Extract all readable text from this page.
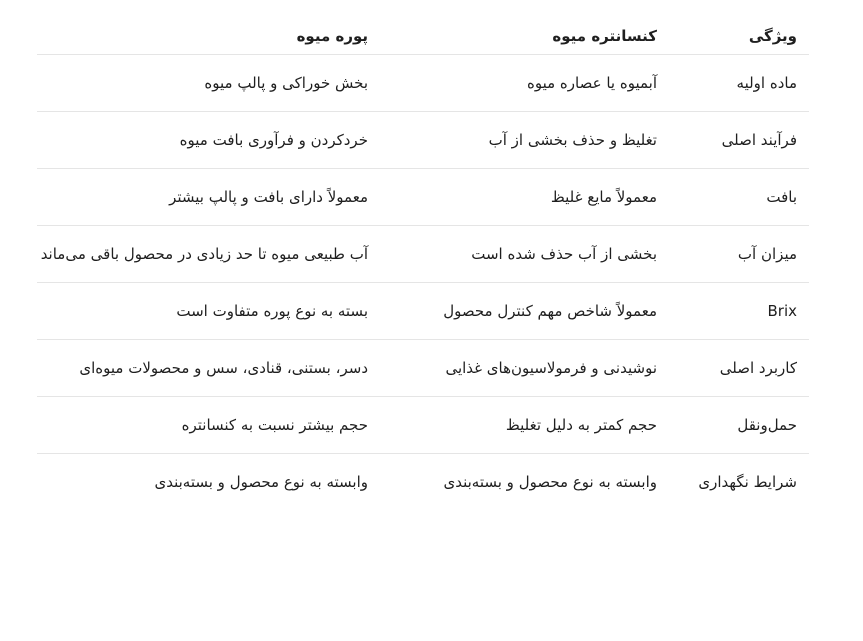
ویژگی	کنسانتره میوه	پوره میوه

ماده اولیه	آبمیوه یا عصاره میوه	بخش خوراکی و پالپ میوه

فرآیند اصلی	تغلیظ و حذف بخشی از آب	خردکردن و فرآوری بافت میوه

بافت	معمولاً مایع غلیظ	معمولاً دارای بافت و پالپ بیشتر

میزان آب	بخشی از آب حذف شده است	آب طبیعی میوه تا حد زیادی در محصول باقی می‌ماند

Brix	معمولاً شاخص مهم کنترل محصول	بسته به نوع پوره متفاوت است

کاربرد اصلی	نوشیدنی و فرمولاسیون‌های غذایی	دسر، بستنی، قنادی، سس و محصولات میوه‌ای

حمل‌ونقل	حجم کمتر به دلیل تغلیظ	حجم بیشتر نسبت به کنسانتره

شرایط نگهداری	وابسته به نوع محصول و بسته‌بندی	وابسته به نوع محصول و بسته‌بندی
